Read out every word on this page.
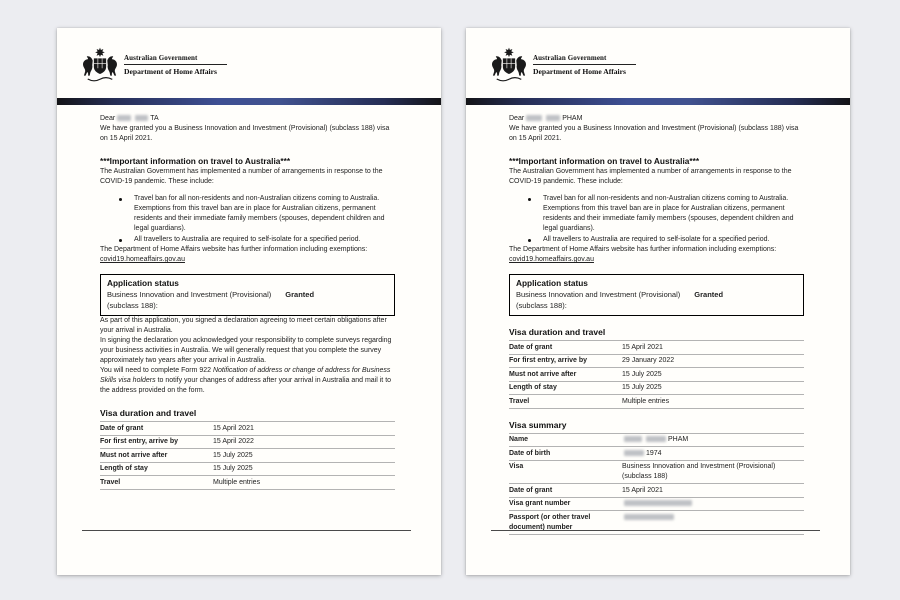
Australian Government
Department of Home Affairs

Dear	TA

We have granted you a Business Innovation and Investment (Provisional) (subclass 188) visa on 15 April 2021.

***Important information on travel to Australia***

The Australian Government has implemented a number of arrangements in response to the COVID-19 pandemic. These include:

Travel ban for all non-residents and non-Australian citizens coming to Australia. Exemptions from this travel ban are in place for Australian citizens, permanent residents and their immediate family members (spouses, dependent children and legal guardians).
All travellers to Australia are required to self-isolate for a specified period.

The Department of Home Affairs website has further information including exemptions:
covid19.homeaffairs.gov.au

Application status
Business Innovation and Investment (Provisional) Granted
(subclass 188):

As part of this application, you signed a declaration agreeing to meet certain obligations after your arrival in Australia.

In signing the declaration you acknowledged your responsibility to complete surveys regarding your business activities in Australia. We will generally request that you complete the survey approximately two years after your arrival in Australia.

You will need to complete Form 922 Notification of address or change of address for Business Skills visa holders to notify your changes of address after your arrival in Australia and mail it to the address provided on the form.

Visa duration and travel
Date of grant	15 April 2021
For first entry, arrive by	15 April 2022
Must not arrive after	15 July 2025
Length of stay	15 July 2025
Travel	Multiple entries
Australian Government
Department of Home Affairs

Dear	PHAM

We have granted you a Business Innovation and Investment (Provisional) (subclass 188) visa on 15 April 2021.

***Important information on travel to Australia***

The Australian Government has implemented a number of arrangements in response to the COVID-19 pandemic. These include:

Travel ban for all non-residents and non-Australian citizens coming to Australia. Exemptions from this travel ban are in place for Australian citizens, permanent residents and their immediate family members (spouses, dependent children and legal guardians).
All travellers to Australia are required to self-isolate for a specified period.

The Department of Home Affairs website has further information including exemptions:
covid19.homeaffairs.gov.au

Application status
Business Innovation and Investment (Provisional) Granted
(subclass 188):
Visa duration and travel
Date of grant	15 April 2021
For first entry, arrive by	29 January 2022
Must not arrive after	15 July 2025
Length of stay	15 July 2025
Travel	Multiple entries
Visa summary
Name	PHAM
Date of birth	1974
Visa	Business Innovation and Investment (Provisional) (subclass 188)
Date of grant	15 April 2021
Visa grant number
Passport (or other travel document) number
